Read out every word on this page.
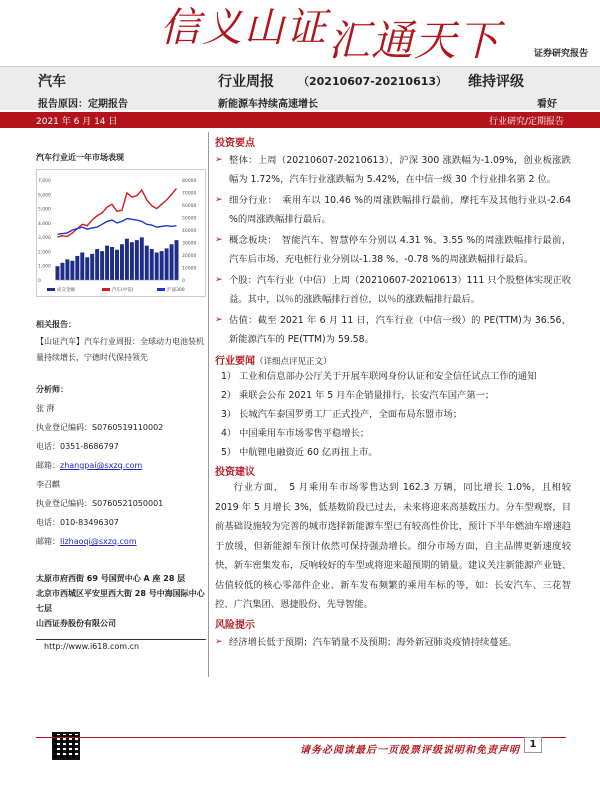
信义山证 汇通天下	证券研究报告
汽车	行业周报 （20210607-20210613） 维持评级
报告原因：定期报告	新能源车持续高速增长	看好
2021 年 6 月 14 日	行业研究/定期报告
汽车行业近一年市场表现
7,000
6,000
5,000
4,000
3,000
2,000
1,000
0
80000
70000
60000
50000
40000
30000
20000
10000
0
成交金额	汽车(中信)	沪深300
相关报告：
【山证汽车】汽车行业周报：全球动力电池装机量持续增长，宁德时代保持领先
分析师：
张 湃
执业登记编码：S0760519110002
电话：0351-8686797
邮箱：zhangpai@sxzq.com
李召麒
执业登记编码：S0760521050001
电话：010-83496307
邮箱：lizhaoqi@sxzq.com
太原市府西街 69 号国贸中心 A 座 28 层
北京市西城区平安里西大街 28 号中海国际中心七层
山西证券股份有限公司
http://www.i618.com.cn
投资要点
➢ 整体：上周（20210607-20210613），沪深 300 涨跌幅为-1.09%，创业板涨跌幅为 1.72%，汽车行业涨跌幅为 5.42%，在中信一级 30 个行业排名第 2 位。
➢ 细分行业：　乘用车以 10.46 %的周涨跌幅排行最前，摩托车及其他行业以-2.64 %的周涨跌幅排行最后。
➢ 概念板块：　智能汽车、智慧停车分别以 4.31 %、3.55 %的周涨跌幅排行最前，汽车后市场、充电桩行业分别以-1.38 %、-0.78 %的周涨跌幅排行最后。
➢ 个股：汽车行业（中信）上周（20210607-20210613）111 只个股整体实现正收益。其中，以％的涨跌幅排行首位，以％的涨跌幅排行最后。
➢ 估值：截至 2021 年 6 月 11 日，汽车行业（中信一级）的 PE(TTM)为 36.56，新能源汽车的 PE(TTM)为 59.58。
行业要闻（详细点评见正文）
1） 工业和信息部办公厅关于开展车联网身份认证和安全信任试点工作的通知
2） 乘联会公布 2021 年 5 月车企销量排行，长安汽车国产第一；
3） 长城汽车泰国罗勇工厂正式投产，全面布局东盟市场；
4） 中国乘用车市场零售平稳增长；
5） 中航锂电融资近 60 亿再扭上市。
投资建议
行业方面，　5 月乘用车市场零售达到 162.3 万辆，同比增长 1.0%，且相较 2019 年 5 月增长 3%，低基数阶段已过去，未来将迎来高基数压力。分车型观察，目前基础设施较为完善的城市选择新能源车型已有较高性价比，预计下半年燃油车增速趋于放缓，但新能源车预计依然可保持强劲增长。细分市场方面，自主品牌更新速度较快，新车密集发布，反响较好的车型或将迎来超预期的销量。建议关注新能源产业链、估值较低的核心零部件企业、新车发布频繁的乘用车标的等，如：长安汽车、三花智控、广汽集团、恩捷股份、先导智能。
风险提示
➢ 经济增长低于预期；汽车销量不及预期；海外新冠肺炎疫情持续蔓延。
请务必阅读最后一页股票评级说明和免责声明
1
